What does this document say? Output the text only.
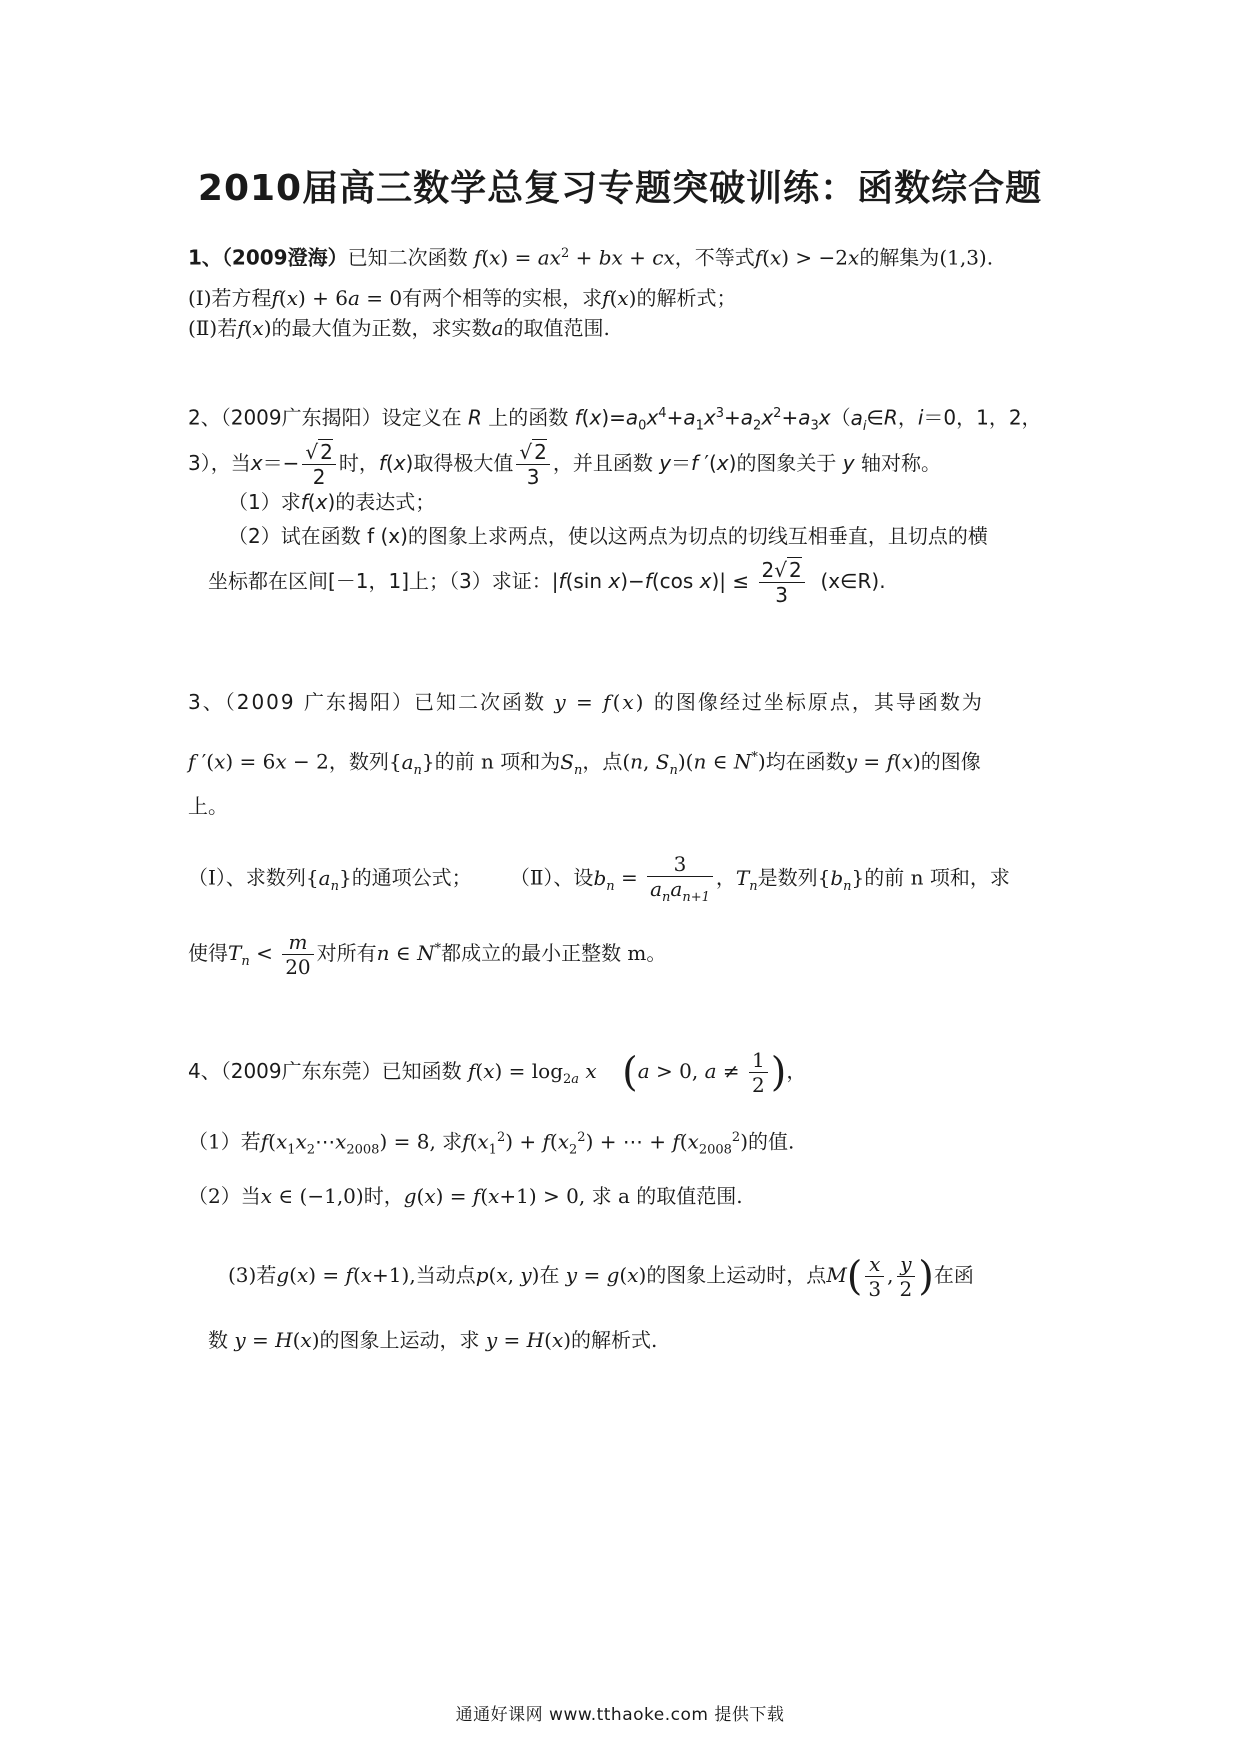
2010届高三数学总复习专题突破训练：函数综合题
1、（2009澄海）已知二次函数 $f(x) = ax^2$ + bx + cx，不等式f(x) > −2x的解集为(1,3).
(Ⅰ)若方程f(x) + 6a = 0有两个相等的实根，求f(x)的解析式；
(Ⅱ)若f(x)的最大值为正数，求实数a的取值范围.
2、（2009广东揭阳）设定义在 R 上的函数 $f(x)=a_0x^4+a_1x^3+a_2x^2+a_3x(a_i\in R$，i＝0，1，2，
3），当$x=- \frac{√ 2}{2}$ 时，f(x)取得极大值 $\frac{√ 2}{3}$ ，并且函数 y＝f ′(x)的图象关于 y 轴对称。
（1）求f(x)的表达式；
（2）试在函数 f (x)的图象上求两点，使以这两点为切点的切线互相垂直，且切点的横
坐标都在区间[－1，1]上；（3）求证：|f(sin x)−f(cos $x)| \le \frac{2√ 2}{3}$ (x∈R).
3、（2009 广东揭阳）已知二次函数 y = f(x) 的图像经过坐标原点，其导函数为
f ′(x) = 6x − 2，数列$\{a_n\}$的前 n 项和为$S_n$，点(n, $S_n)(n$ ∈ N*)均在函数y = f(x)的图像
上。
（Ⅰ）、求数列$\{a_n\}$的通项公式； （Ⅱ）、设$b_n = \frac{3}{a_na_{n+1}}$ ，$T_n$是数列$\{b_n\}$的前 n 项和，求
使得$T_n < \frac{m}{20}$ 对所有n ∈ N*都成立的最小正整数 m。
4、（2009广东东莞）已知函数 $f(x) = \log_{2a} x$ (a > 0, $a \ne \frac{1}{2}$ )，
（1）若$f(x_1x_2\cdots x_{2008}) = 8$, 求$f(x_1^2) + f(x_2^2)$ + ⋯ + $f(x_{2008}^2)$的值.
（2）当x ∈ (−1,0)时，g(x) = f(x+1) > 0, 求 a 的取值范围.
(3)若g(x) = f(x+1),当动点p(x, y)在 y = g(x)的图象上运动时，点$M( \frac{x}{3}$ , $\frac{y}{2}$ )在函
数 y = H(x)的图象上运动，求 y = H(x)的解析式.
通通好课网 www.tthaoke.com 提供下载
